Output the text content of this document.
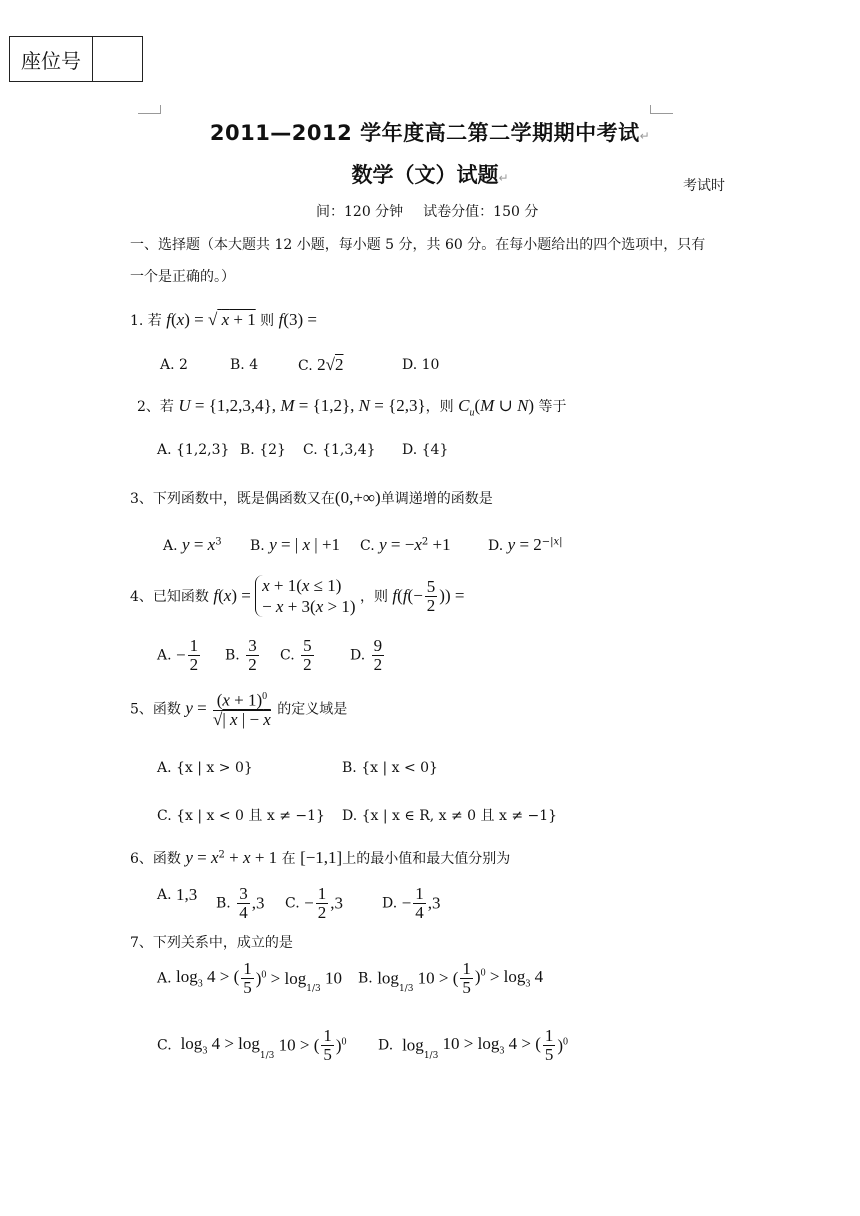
座位号
2011—2012 学年度高二第二学期期中考试↵
数学（文）试题↵	考试时
间：120 分钟 试卷分值：150 分
一、选择题（本大题共 12 小题，每小题 5 分，共 60 分。在每小题给出的四个选项中，只有
一个是正确的。）
1. 若 f(x) = √ x + 1 则 f(3) =
A. 2	B. 4	C. 2√2	D. 10
2、若 U = {1,2,3,4}, M = {1,2}, N = {2,3}，则 $C_u(M$ ∪ N) 等于
A. {1,2,3} B. {2} C. {1,3,4} D. {4}
3、下列函数中，既是偶函数又在(0,+∞)单调递增的函数是
A. $y = x^3$ B. y = | x | +1 C. $y = -x^2 +1$	D. $y = 2^{-|x|}$
4、已知函数 f(x) =
x + 1(x ≤ 1)
− x + 3(x > 1) ，则 $f(f(- \frac{5}{2}$ )) =
A. − $\frac{1}{2} B$. $\frac{3}{2} C$. $\frac{5}{2}$	D. $\frac{9}{2}$
5、函数 $y = \frac{(x + 1)^0}{√| x | - x}$ 的定义域是
A. {x | x > 0}	B. {x | x < 0}
C. {x | x < 0 且 x ≠ −1} D. {x | x ∈ R, x ≠ 0 且 x ≠ −1}
6、函数 $y = x^2 + x + 1$ 在 [−1,1]上的最小值和最大值分别为
A. 1,3 B. $\frac{3}{4} ,3$ C. − $\frac{1}{2} ,3$	D. − $\frac{1}{4} ,3$
7、下列关系中，成立的是
A. $\log_3 4$ > ( $\frac{1}{5} )^0 > \log_{1/3} 10$ B. $\log_{1/3} 10$ > ( $\frac{1}{5} )^0 > \log_3 4$
C.  $\log_3 4 > \log_{1/3} 10$ > ( $\frac{1}{5} )^0$ D.  $\log_{1/3} 10 > \log_3 4$ > ( $\frac{1}{5} )^0$
